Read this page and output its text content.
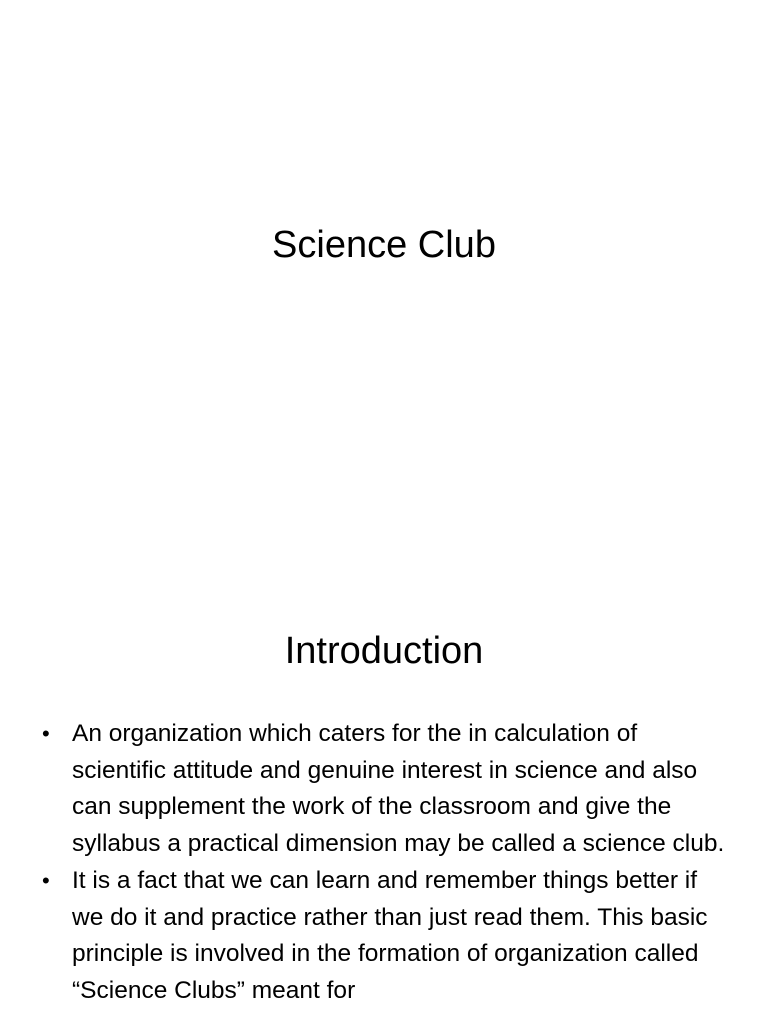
Science Club
Introduction
• An organization which caters for the in calculation of scientific attitude and genuine interest in science and also can supplement the work of the classroom and give the syllabus a practical dimension may be called a science club.
• It is a fact that we can learn and remember things better if we do it and practice rather than just read them. This basic principle is involved in the formation of organization called “Science Clubs” meant for
